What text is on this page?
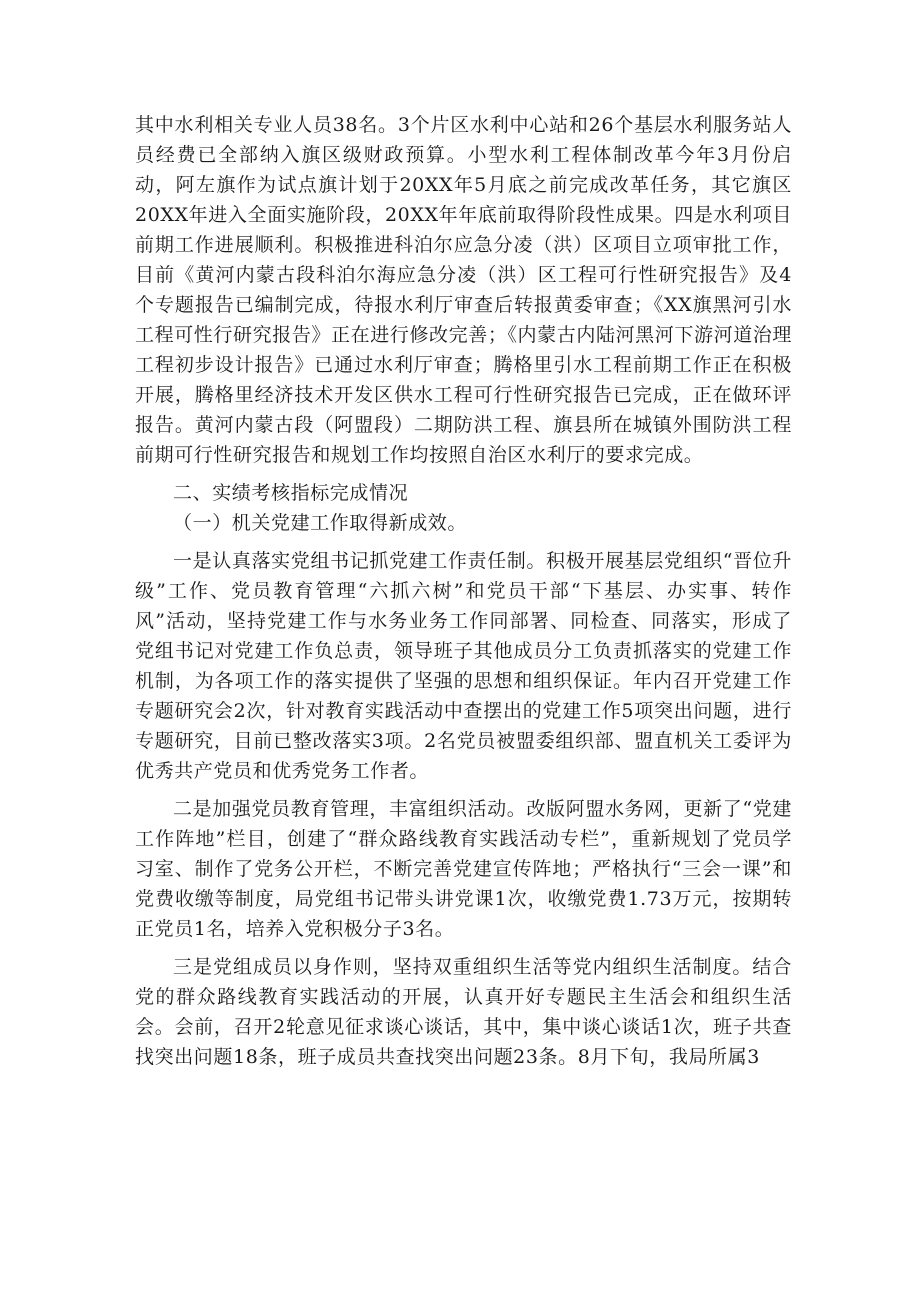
其中水利相关专业人员38名。3个片区水利中心站和26个基层水利服务站人员经费已全部纳入旗区级财政预算。小型水利工程体制改革今年3月份启动，阿左旗作为试点旗计划于20XX年5月底之前完成改革任务，其它旗区20XX年进入全面实施阶段，20XX年年底前取得阶段性成果。四是水利项目前期工作进展顺利。积极推进科泊尔应急分凌（洪）区项目立项审批工作，目前《黄河内蒙古段科泊尔海应急分凌（洪）区工程可行性研究报告》及4个专题报告已编制完成，待报水利厅审查后转报黄委审查；《XX旗黑河引水工程可性行研究报告》正在进行修改完善；《内蒙古内陆河黑河下游河道治理工程初步设计报告》已通过水利厅审查；腾格里引水工程前期工作正在积极开展，腾格里经济技术开发区供水工程可行性研究报告已完成，正在做环评报告。黄河内蒙古段（阿盟段）二期防洪工程、旗县所在城镇外围防洪工程前期可行性研究报告和规划工作均按照自治区水利厅的要求完成。

二、实绩考核指标完成情况

（一）机关党建工作取得新成效。

一是认真落实党组书记抓党建工作责任制。积极开展基层党组织“晋位升级”工作、党员教育管理“六抓六树”和党员干部“下基层、办实事、转作风”活动，坚持党建工作与水务业务工作同部署、同检查、同落实，形成了党组书记对党建工作负总责，领导班子其他成员分工负责抓落实的党建工作机制，为各项工作的落实提供了坚强的思想和组织保证。年内召开党建工作专题研究会2次，针对教育实践活动中查摆出的党建工作5项突出问题，进行专题研究，目前已整改落实3项。2名党员被盟委组织部、盟直机关工委评为优秀共产党员和优秀党务工作者。

二是加强党员教育管理，丰富组织活动。改版阿盟水务网，更新了“党建工作阵地”栏目，创建了“群众路线教育实践活动专栏”，重新规划了党员学习室、制作了党务公开栏，不断完善党建宣传阵地；严格执行“三会一课”和党费收缴等制度，局党组书记带头讲党课1次，收缴党费1.73万元，按期转正党员1名，培养入党积极分子3名。

三是党组成员以身作则，坚持双重组织生活等党内组织生活制度。结合党的群众路线教育实践活动的开展，认真开好专题民主生活会和组织生活会。会前，召开2轮意见征求谈心谈话，其中，集中谈心谈话1次，班子共查找突出问题18条，班子成员共查找突出问题23条。8月下旬，我局所属3
